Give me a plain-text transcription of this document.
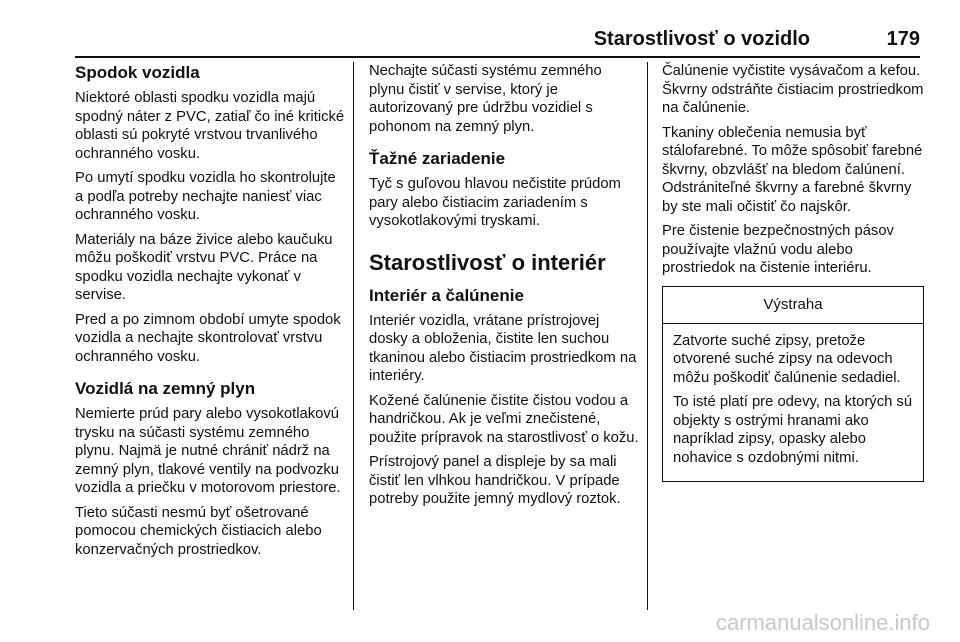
Starostlivosť o vozidlo	179
Spodok vozidla

Niektoré oblasti spodku vozidla majú spodný náter z PVC, zatiaľ čo iné kritické oblasti sú pokryté vrstvou trvanlivého ochranného vosku.

Po umytí spodku vozidla ho skontrolujte a podľa potreby nechajte naniesť viac ochranného vosku.

Materiály na báze živice alebo kaučuku môžu poškodiť vrstvu PVC. Práce na spodku vozidla nechajte vykonať v servise.

Pred a po zimnom období umyte spodok vozidla a nechajte skontrolovať vrstvu ochranného vosku.

Vozidlá na zemný plyn

Nemierte prúd pary alebo vysokotlakovú trysku na súčasti systému zemného plynu. Najmä je nutné chrániť nádrž na zemný plyn, tlakové ventily na podvozku vozidla a priečku v motorovom priestore.

Tieto súčasti nesmú byť ošetrované pomocou chemických čistiacich alebo konzervačných prostriedkov.

Nechajte súčasti systému zemného plynu čistiť v servise, ktorý je autorizovaný pre údržbu vozidiel s pohonom na zemný plyn.

Ťažné zariadenie

Tyč s guľovou hlavou nečistite prúdom pary alebo čistiacim zariadením s vysokotlakovými tryskami.

Starostlivosť o interiér
Interiér a čalúnenie

Interiér vozidla, vrátane prístrojovej dosky a obloženia, čistite len suchou tkaninou alebo čistiacim prostriedkom na interiéry.

Kožené čalúnenie čistite čistou vodou a handričkou. Ak je veľmi znečistené, použite prípravok na starostlivosť o kožu.

Prístrojový panel a displeje by sa mali čistiť len vlhkou handričkou. V prípade potreby použite jemný mydlový roztok.

Čalúnenie vyčistite vysávačom a kefou. Škvrny odstráňte čistiacim prostriedkom na čalúnenie.

Tkaniny oblečenia nemusia byť stálofarebné. To môže spôsobiť farebné škvrny, obzvlášť na bledom čalúnení. Odstrániteľné škvrny a farebné škvrny by ste mali očistiť čo najskôr.

Pre čistenie bezpečnostných pásov používajte vlažnú vodu alebo prostriedok na čistenie interiéru.

Výstraha

Zatvorte suché zipsy, pretože otvorené suché zipsy na odevoch môžu poškodiť čalúnenie sedadiel.

To isté platí pre odevy, na ktorých sú objekty s ostrými hranami ako napríklad zipsy, opasky alebo nohavice s ozdobnými nitmi.

carmanualsonline.info
